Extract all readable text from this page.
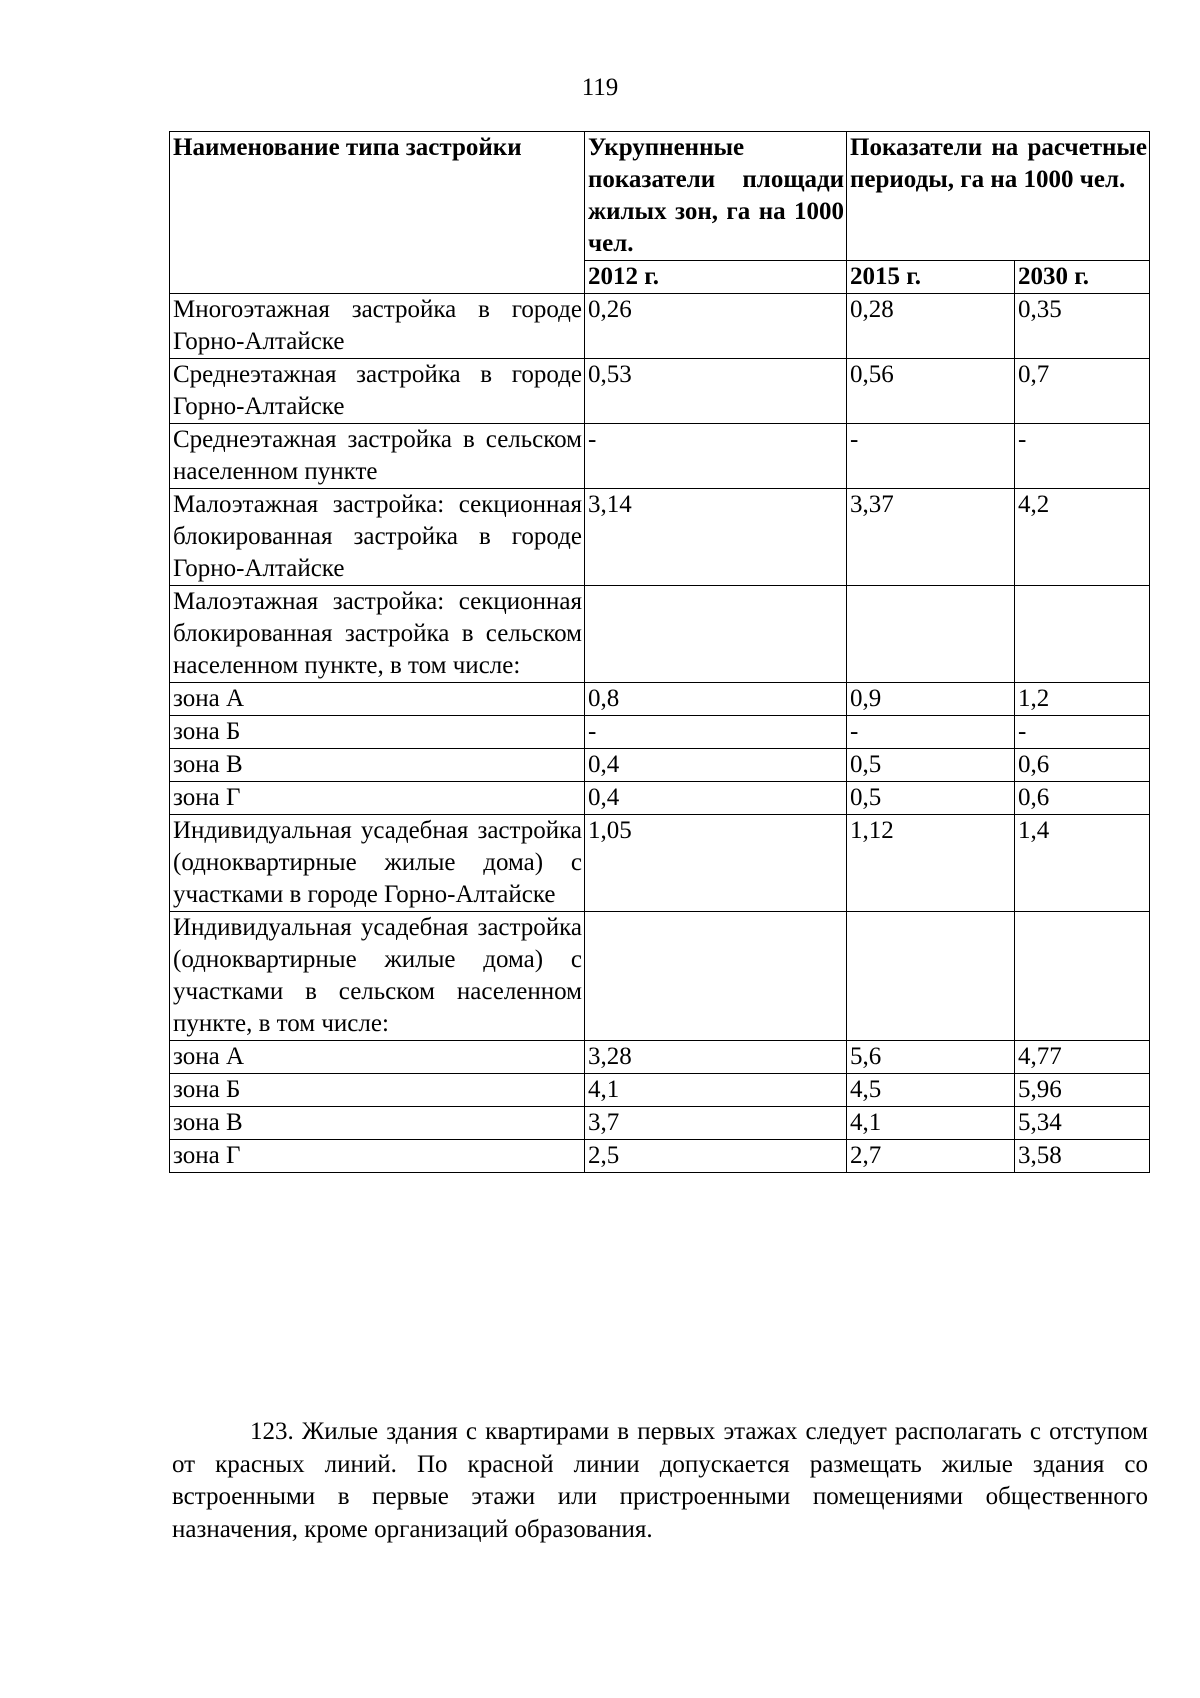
119
Наименование типа застройки	Укрупненные показатели площади жилых зон, га на 1000 чел.	Показатели на расчетные периоды, га на 1000 чел.	
	2012 г.	2015 г.	2030 г.
Многоэтажная застройка в городе Горно-Алтайске	0,26	0,28	0,35
Среднеэтажная застройка в городе Горно-Алтайске	0,53	0,56	0,7
Среднеэтажная застройка в сельском населенном пункте	-	-	-
Малоэтажная застройка: секционная блокированная застройка в городе Горно-Алтайске	3,14	3,37	4,2
Малоэтажная застройка: секционная блокированная застройка в сельском населенном пункте, в том числе:			
зона А	0,8	0,9	1,2
зона Б	-	-	-
зона В	0,4	0,5	0,6
зона Г	0,4	0,5	0,6
Индивидуальная усадебная застройка (одноквартирные жилые дома) с участками в городе Горно-Алтайске	1,05	1,12	1,4
Индивидуальная усадебная застройка (одноквартирные жилые дома) с участками в сельском населенном пункте, в том числе:			
зона А	3,28	5,6	4,77
зона Б	4,1	4,5	5,96
зона В	3,7	4,1	5,34
зона Г	2,5	2,7	3,58

123. Жилые здания с квартирами в первых этажах следует располагать с отступом от красных линий. По красной линии допускается размещать жилые здания со встроенными в первые этажи или пристроенными помещениями общественного назначения, кроме организаций образования.
